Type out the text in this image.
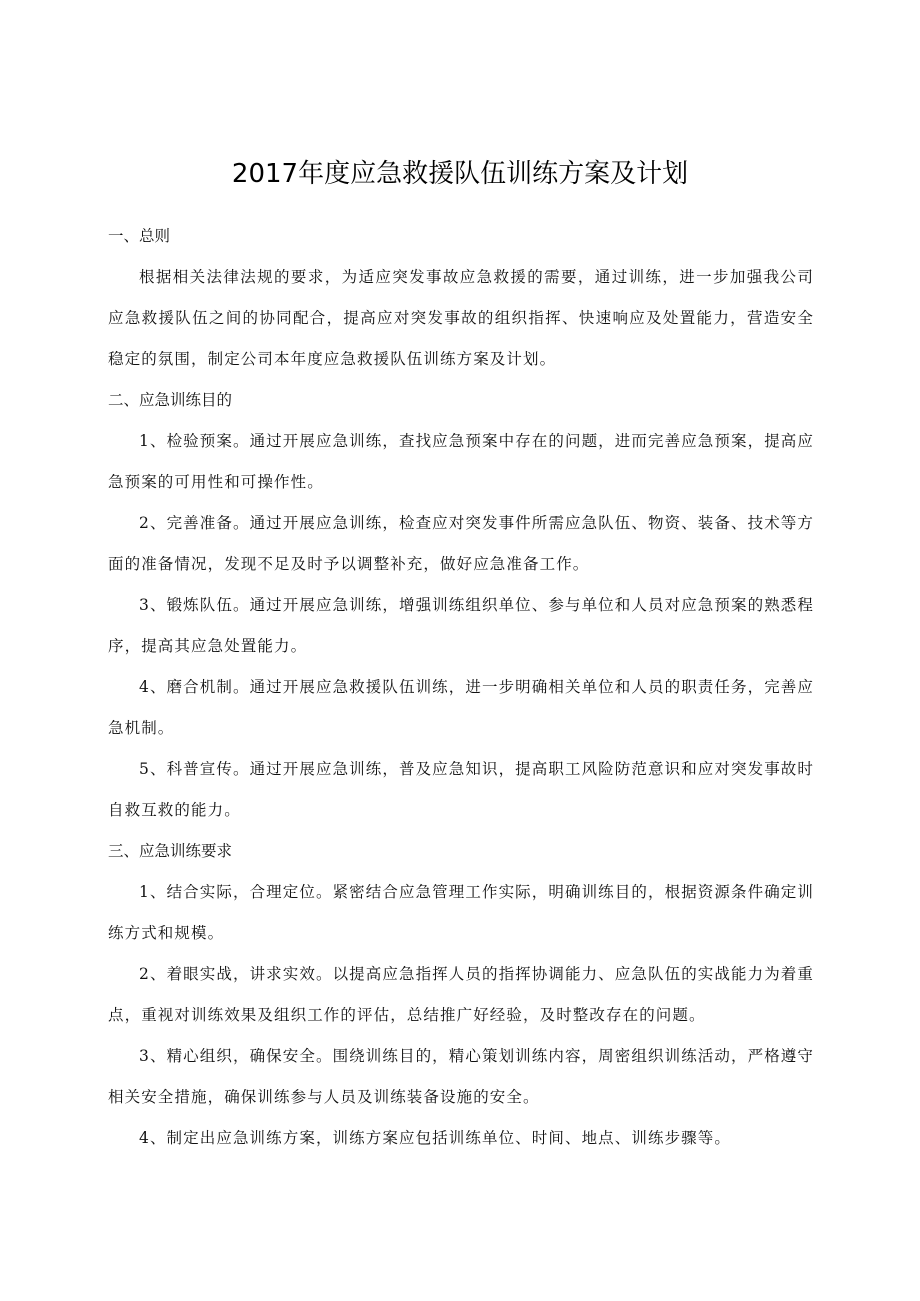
2017年度应急救援队伍训练方案及计划

一、总则

根据相关法律法规的要求，为适应突发事故应急救援的需要，通过训练，进一步加强我公司应急救援队伍之间的协同配合，提高应对突发事故的组织指挥、快速响应及处置能力，营造安全稳定的氛围，制定公司本年度应急救援队伍训练方案及计划。

二、应急训练目的

1、检验预案。通过开展应急训练，查找应急预案中存在的问题，进而完善应急预案，提高应急预案的可用性和可操作性。

2、完善准备。通过开展应急训练，检查应对突发事件所需应急队伍、物资、装备、技术等方面的准备情况，发现不足及时予以调整补充，做好应急准备工作。

3、锻炼队伍。通过开展应急训练，增强训练组织单位、参与单位和人员对应急预案的熟悉程序，提高其应急处置能力。

4、磨合机制。通过开展应急救援队伍训练，进一步明确相关单位和人员的职责任务，完善应急机制。

5、科普宣传。通过开展应急训练，普及应急知识，提高职工风险防范意识和应对突发事故时自救互救的能力。

三、应急训练要求

1、结合实际，合理定位。紧密结合应急管理工作实际，明确训练目的，根据资源条件确定训练方式和规模。

2、着眼实战，讲求实效。以提高应急指挥人员的指挥协调能力、应急队伍的实战能力为着重点，重视对训练效果及组织工作的评估，总结推广好经验，及时整改存在的问题。

3、精心组织，确保安全。围绕训练目的，精心策划训练内容，周密组织训练活动，严格遵守相关安全措施，确保训练参与人员及训练装备设施的安全。

4、制定出应急训练方案，训练方案应包括训练单位、时间、地点、训练步骤等。
